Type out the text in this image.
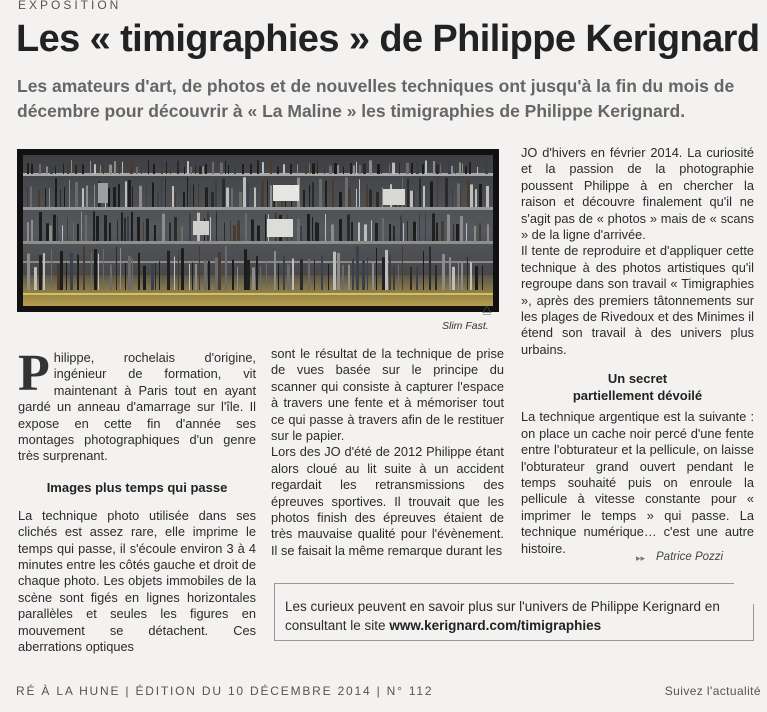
EXPOSITION
Les « timigraphies » de Philippe Kerignard

Les amateurs d'art, de photos et de nouvelles techniques ont jusqu'à la fin du mois de décembre pour découvrir à « La Maline » les timigraphies de Philippe Kerignard.

⧋
Slim Fast.
P hilippe, rochelais d'origine, ingénieur de formation, vit maintenant à Paris tout en ayant gardé un anneau d'amarrage sur l'île. Il expose en cette fin d'année ses montages photographiques d'un genre très surprenant.

Images plus temps qui passe

La technique photo utilisée dans ses clichés est assez rare, elle imprime le temps qui passe, il s'écoule environ 3 à 4 minutes entre les côtés gauche et droit de chaque photo. Les objets immobiles de la scène sont figés en lignes horizontales parallèles et seules les figures en mouvement se détachent. Ces aberrations optiques

sont le résultat de la technique de prise de vues basée sur le principe du scanner qui consiste à capturer l'espace à travers une fente et à mémoriser tout ce qui passe à travers afin de le restituer sur le papier.

Lors des JO d'été de 2012 Philippe étant alors cloué au lit suite à un accident regardait les retransmissions des épreuves sportives. Il trouvait que les photos finish des épreuves étaient de très mauvaise qualité pour l'évènement. Il se faisait la même remarque durant les

JO d'hivers en février 2014. La curiosité et la passion de la photographie poussent Philippe à en chercher la raison et découvre finalement qu'il ne s'agit pas de « photos » mais de « scans » de la ligne d'arrivée.

Il tente de reproduire et d'appliquer cette technique à des photos artistiques qu'il regroupe dans son travail « Timigraphies », après des premiers tâtonnements sur les plages de Rivedoux et des Minimes il étend son travail à des univers plus urbains.

Un secret
partiellement dévoilé

La technique argentique est la suivante : on place un cache noir percé d'une fente entre l'obturateur et la pellicule, on laisse l'obturateur grand ouvert pendant le temps souhaité puis on enroule la pellicule à vitesse constante pour « imprimer le temps » qui passe. La technique numérique… c'est une autre histoire.

▸▸ Patrice Pozzi
Les curieux peuvent en savoir plus sur l'univers de Philippe Kerignard en consultant le site www.kerignard.com/timigraphies
RÉ À LA HUNE | ÉDITION DU 10 DÉCEMBRE 2014 | N° 112	Suivez l'actualité
